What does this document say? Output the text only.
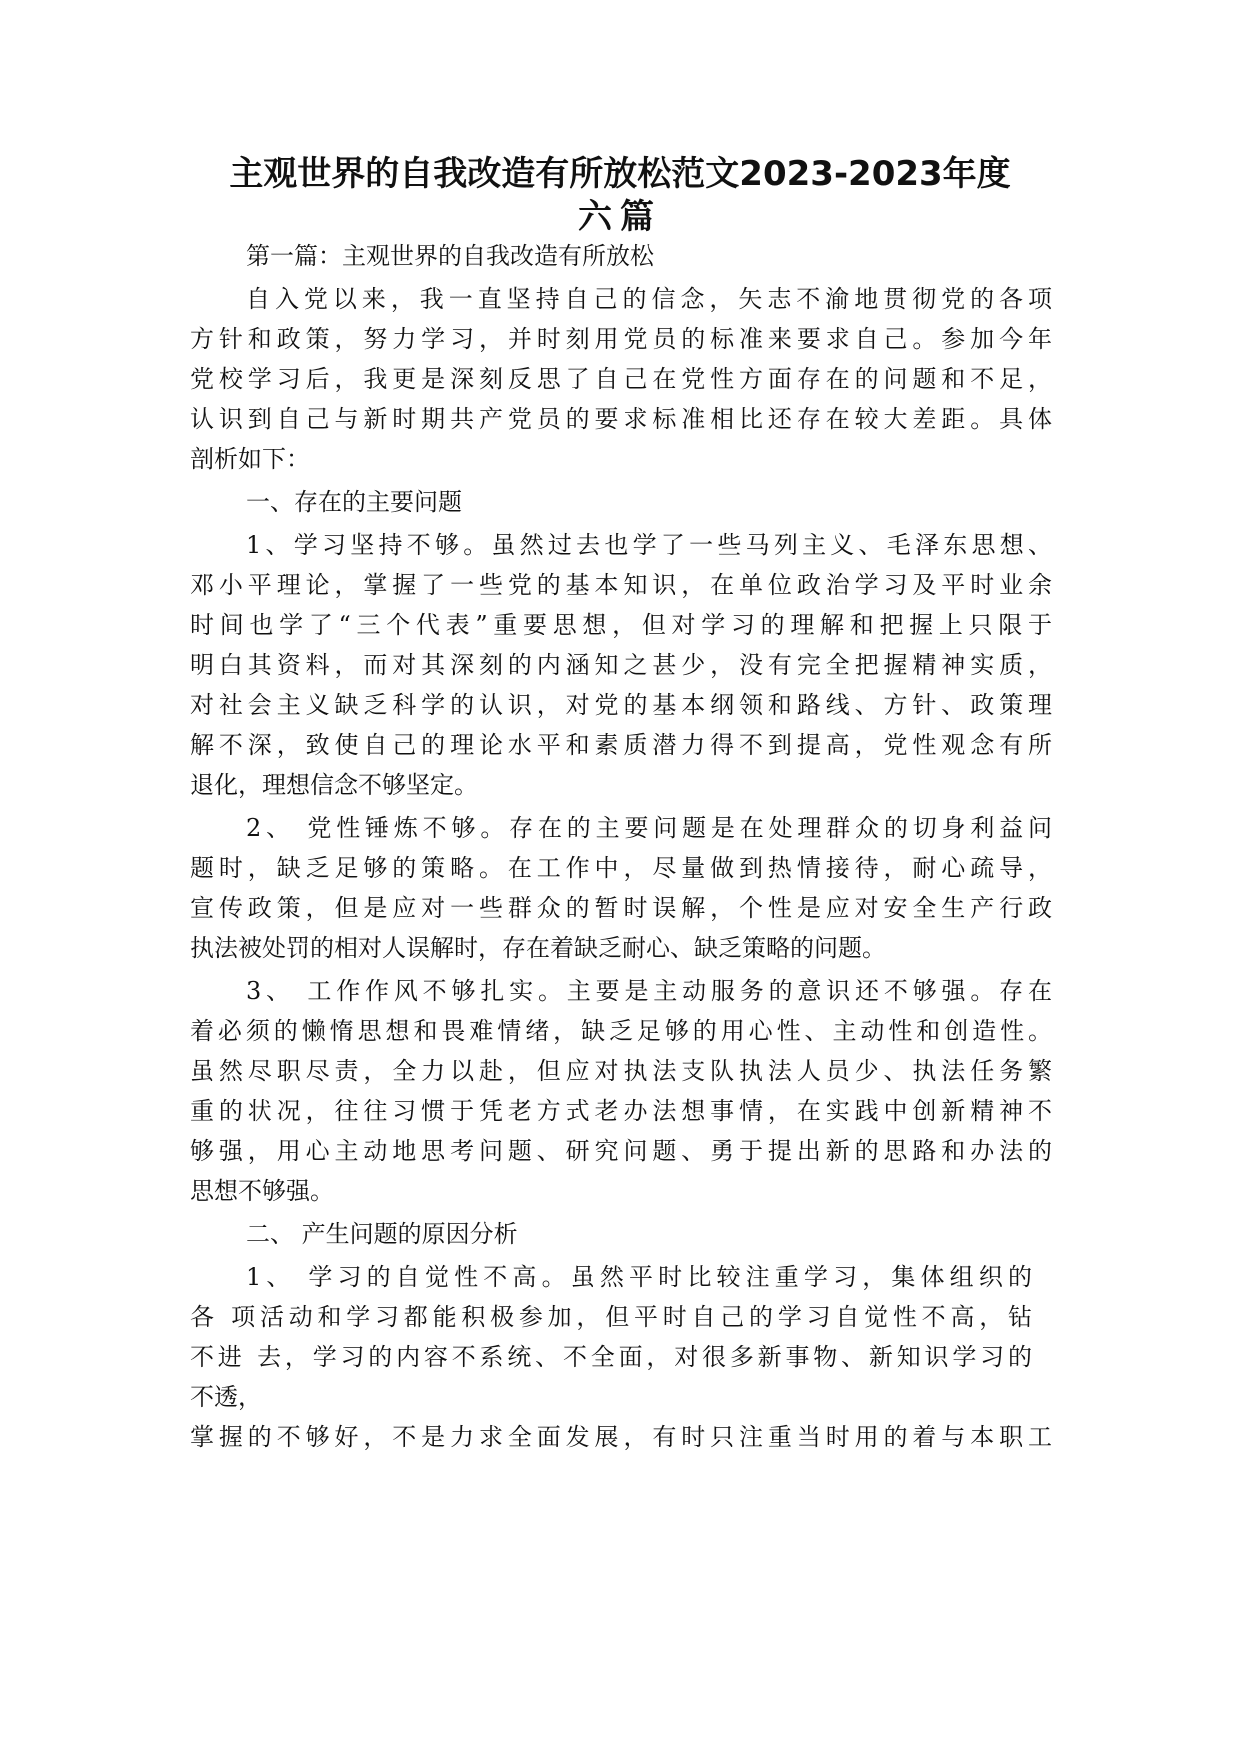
主观世界的自我改造有所放松范文2023-2023年度
六篇

第一篇：主观世界的自我改造有所放松

自入党以来，我一直坚持自己的信念，矢志不渝地贯彻党的各项

方针和政策，努力学习，并时刻用党员的标准来要求自己。参加今年

党校学习后，我更是深刻反思了自己在党性方面存在的问题和不足，

认识到自己与新时期共产党员的要求标准相比还存在较大差距。具体

剖析如下：

一、存在的主要问题

1、学习坚持不够。虽然过去也学了一些马列主义、毛泽东思想、

邓小平理论，掌握了一些党的基本知识，在单位政治学习及平时业余

时间也学了“三个代表”重要思想，但对学习的理解和把握上只限于

明白其资料，而对其深刻的内涵知之甚少，没有完全把握精神实质，

对社会主义缺乏科学的认识，对党的基本纲领和路线、方针、政策理

解不深，致使自己的理论水平和素质潜力得不到提高，党性观念有所

退化，理想信念不够坚定。

2、 党性锤炼不够。存在的主要问题是在处理群众的切身利益问

题时，缺乏足够的策略。在工作中，尽量做到热情接待，耐心疏导，

宣传政策，但是应对一些群众的暂时误解，个性是应对安全生产行政

执法被处罚的相对人误解时，存在着缺乏耐心、缺乏策略的问题。

3、 工作作风不够扎实。主要是主动服务的意识还不够强。存在

着必须的懒惰思想和畏难情绪，缺乏足够的用心性、主动性和创造性。

虽然尽职尽责，全力以赴，但应对执法支队执法人员少、执法任务繁

重的状况，往往习惯于凭老方式老办法想事情，在实践中创新精神不

够强，用心主动地思考问题、研究问题、勇于提出新的思路和办法的

思想不够强。

二、 产生问题的原因分析

1、 学习的自觉性不高。虽然平时比较注重学习，集体组织的

各 项活动和学习都能积极参加，但平时自己的学习自觉性不高，钻

不进 去，学习的内容不系统、不全面，对很多新事物、新知识学习的

不透，

掌握的不够好，不是力求全面发展，有时只注重当时用的着与本职工
